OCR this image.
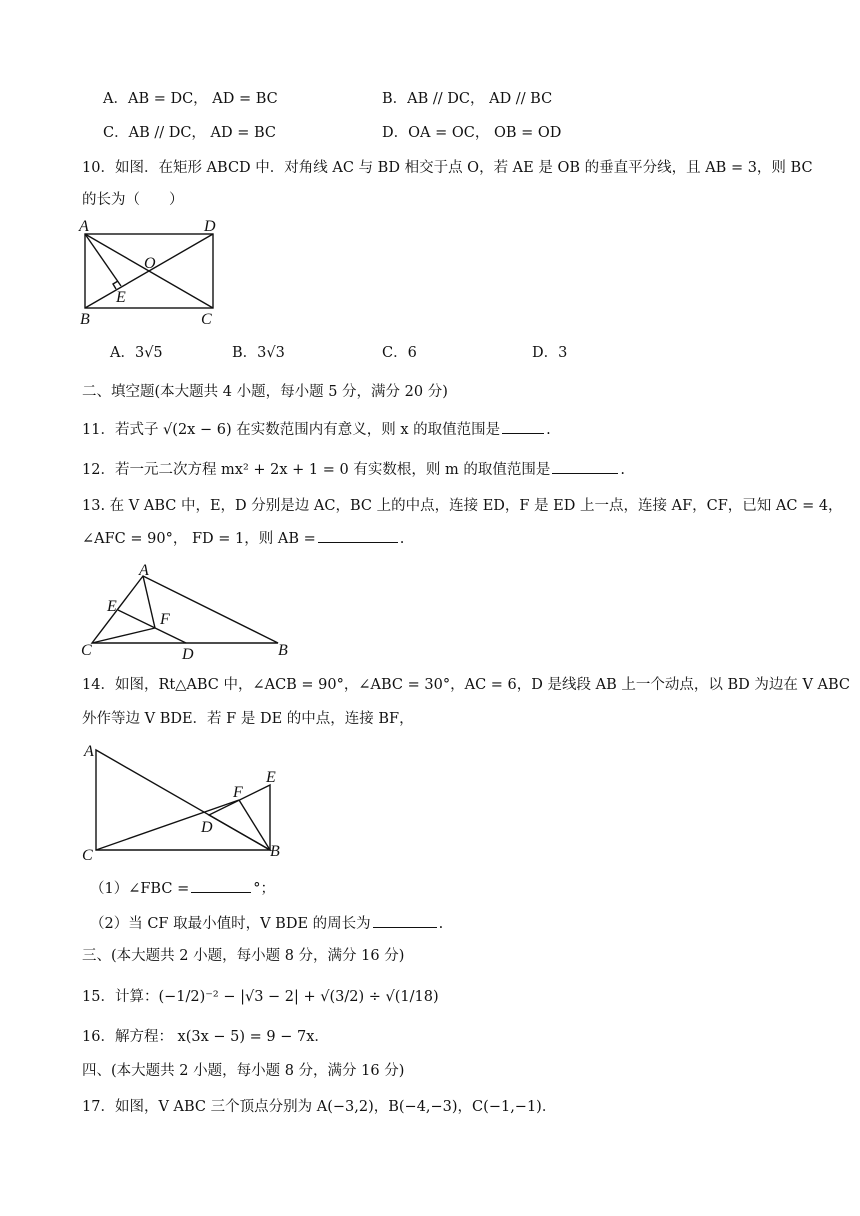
A．AB = DC， AD = BC	B．AB // DC， AD // BC
C．AB // DC， AD = BC	D．OA = OC， OB = OD
10．如图．在矩形 ABCD 中．对角线 AC 与 BD 相交于点 O，若 AE 是 OB 的垂直平分线，且 AB = 3，则 BC
的长为（　　）
A	D
O
E
B	C
A．3√5	B．3√3	C．6	D．3
二、填空题(本大题共 4 小题，每小题 5 分，满分 20 分)
11．若式子 √(2x − 6) 在实数范围内有意义，则 x 的取值范围是	.
12．若一元二次方程 mx² + 2x + 1 = 0 有实数根，则 m 的取值范围是	.
13. 在 V ABC 中，E，D 分别是边 AC，BC 上的中点，连接 ED，F 是 ED 上一点，连接 AF，CF，已知 AC = 4，
∠AFC = 90°， FD = 1，则 AB =	.
A
E
F
C	D	B
14．如图，Rt△ABC 中，∠ACB = 90°，∠ABC = 30°，AC = 6，D 是线段 AB 上一个动点，以 BD 为边在 V ABC
外作等边 V BDE．若 F 是 DE 的中点，连接 BF，
A
E
F
D
C	B
（1）∠FBC =	°；
（2）当 CF 取最小值时，V BDE 的周长为	.
三、(本大题共 2 小题，每小题 8 分，满分 16 分)
15．计算：(−1/2)⁻² − |√3 − 2| + √(3/2) ÷ √(1/18)
16．解方程： x(3x − 5) = 9 − 7x．
四、(本大题共 2 小题，每小题 8 分，满分 16 分)
17．如图，V ABC 三个顶点分别为 A(−3,2)，B(−4,−3)，C(−1,−1)．
